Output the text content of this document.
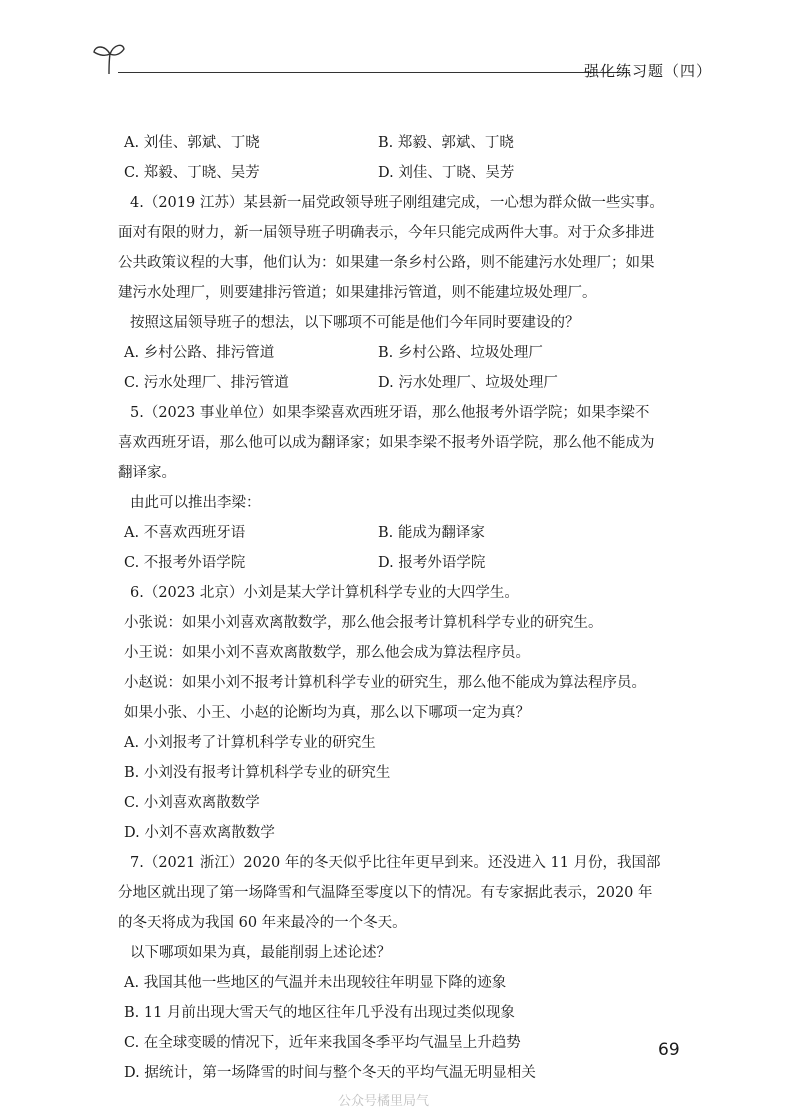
强化练习题（四）
A. 刘佳、郭斌、丁晓	B. 郑毅、郭斌、丁晓
C. 郑毅、丁晓、吴芳	D. 刘佳、丁晓、吴芳
4.（2019 江苏）某县新一届党政领导班子刚组建完成，一心想为群众做一些实事。
面对有限的财力，新一届领导班子明确表示，今年只能完成两件大事。对于众多排进
公共政策议程的大事，他们认为：如果建一条乡村公路，则不能建污水处理厂；如果
建污水处理厂，则要建排污管道；如果建排污管道，则不能建垃圾处理厂。
按照这届领导班子的想法，以下哪项不可能是他们今年同时要建设的？
A. 乡村公路、排污管道	B. 乡村公路、垃圾处理厂
C. 污水处理厂、排污管道	D. 污水处理厂、垃圾处理厂
5.（2023 事业单位）如果李梁喜欢西班牙语，那么他报考外语学院；如果李梁不
喜欢西班牙语，那么他可以成为翻译家；如果李梁不报考外语学院，那么他不能成为
翻译家。
由此可以推出李梁：
A. 不喜欢西班牙语	B. 能成为翻译家
C. 不报考外语学院	D. 报考外语学院
6.（2023 北京）小刘是某大学计算机科学专业的大四学生。
小张说：如果小刘喜欢离散数学，那么他会报考计算机科学专业的研究生。
小王说：如果小刘不喜欢离散数学，那么他会成为算法程序员。
小赵说：如果小刘不报考计算机科学专业的研究生，那么他不能成为算法程序员。
如果小张、小王、小赵的论断均为真，那么以下哪项一定为真？
A. 小刘报考了计算机科学专业的研究生
B. 小刘没有报考计算机科学专业的研究生
C. 小刘喜欢离散数学
D. 小刘不喜欢离散数学
7.（2021 浙江）2020 年的冬天似乎比往年更早到来。还没进入 11 月份，我国部
分地区就出现了第一场降雪和气温降至零度以下的情况。有专家据此表示，2020 年
的冬天将成为我国 60 年来最冷的一个冬天。
以下哪项如果为真，最能削弱上述论述？
A. 我国其他一些地区的气温并未出现较往年明显下降的迹象
B. 11 月前出现大雪天气的地区往年几乎没有出现过类似现象
C. 在全球变暖的情况下，近年来我国冬季平均气温呈上升趋势
D. 据统计，第一场降雪的时间与整个冬天的平均气温无明显相关
69
公众号橘里局气
